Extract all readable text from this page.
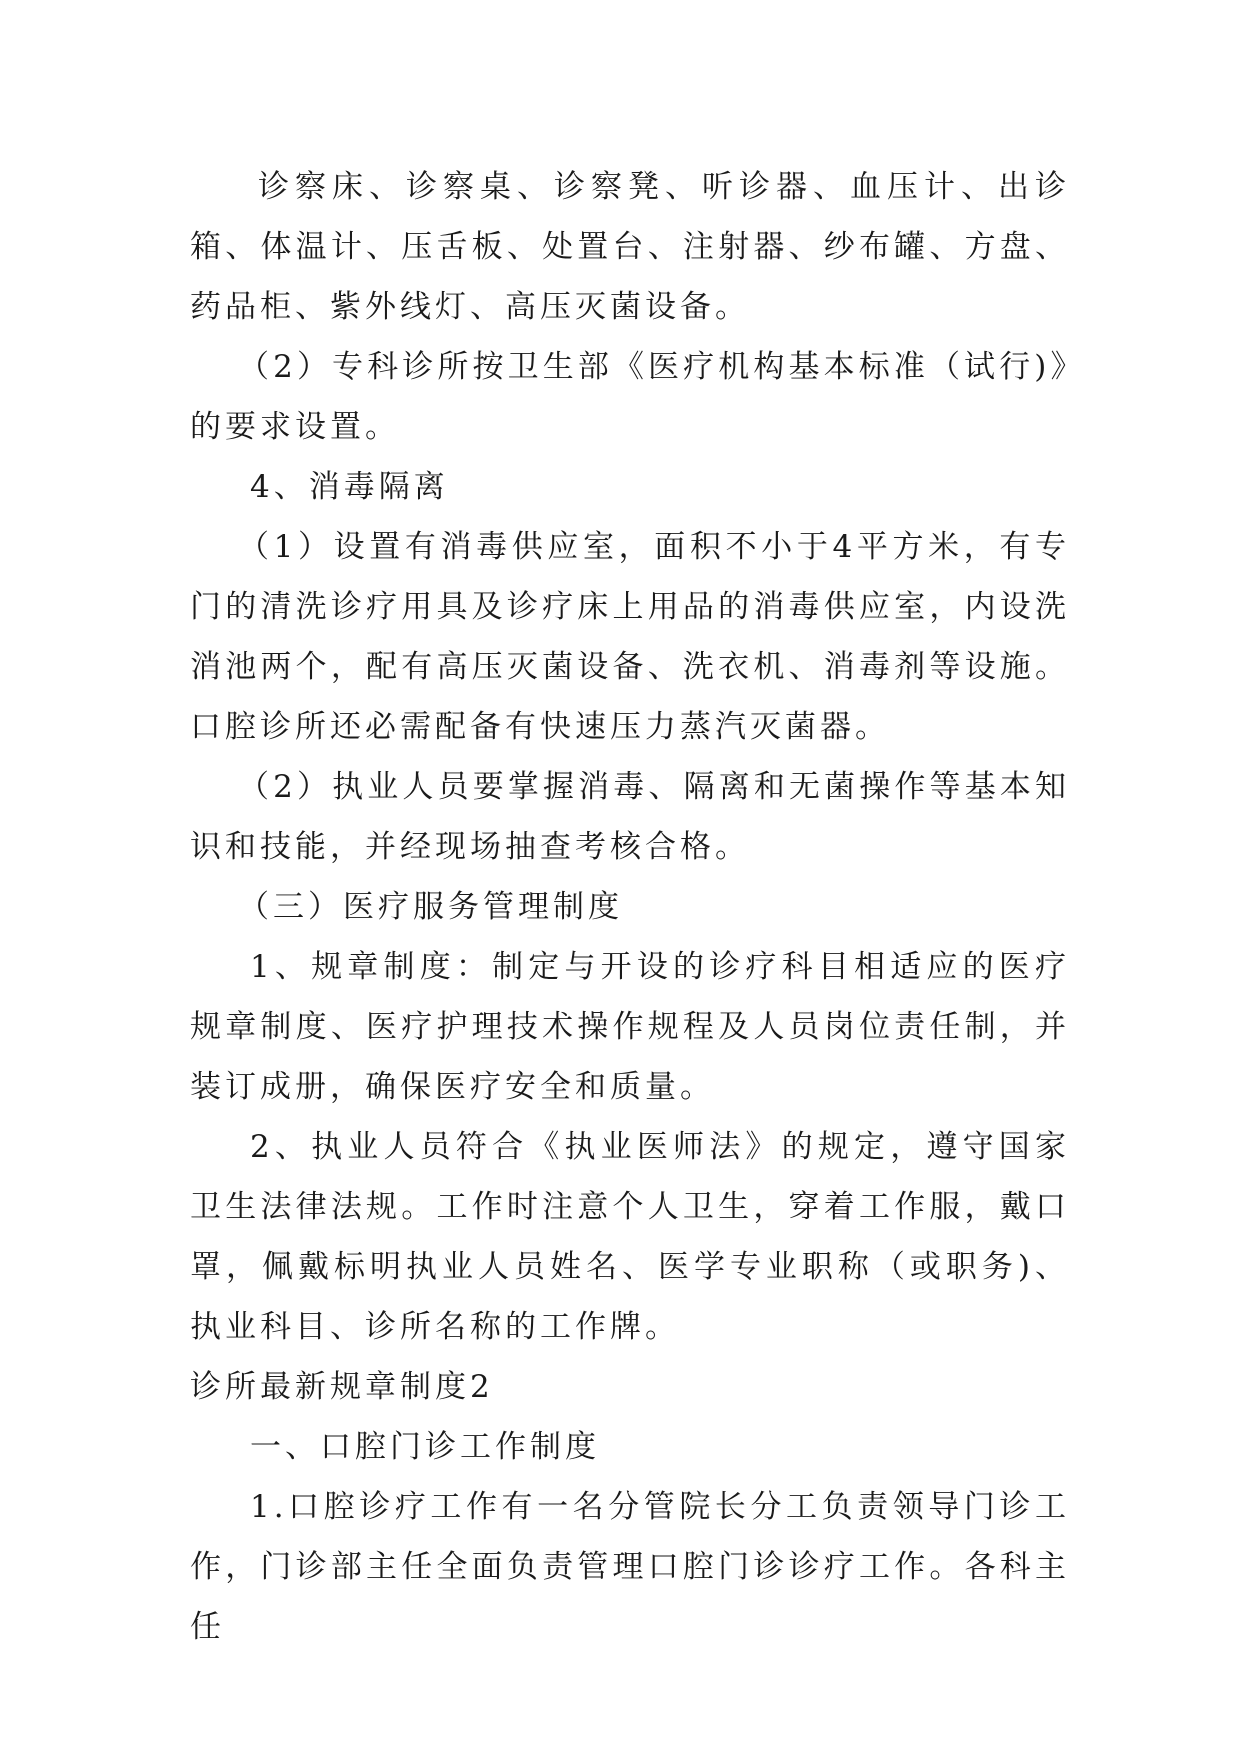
诊察床、诊察桌、诊察凳、听诊器、血压计、出诊箱、体温计、压舌板、处置台、注射器、纱布罐、方盘、药品柜、紫外线灯、高压灭菌设备。

（2）专科诊所按卫生部《医疗机构基本标准（试行)》的要求设置。

4、消毒隔离

（1）设置有消毒供应室，面积不小于4平方米，有专门的清洗诊疗用具及诊疗床上用品的消毒供应室，内设洗消池两个，配有高压灭菌设备、洗衣机、消毒剂等设施。口腔诊所还必需配备有快速压力蒸汽灭菌器。

（2）执业人员要掌握消毒、隔离和无菌操作等基本知识和技能，并经现场抽查考核合格。

（三）医疗服务管理制度

1、规章制度：制定与开设的诊疗科目相适应的医疗规章制度、医疗护理技术操作规程及人员岗位责任制，并装订成册，确保医疗安全和质量。

2、执业人员符合《执业医师法》的规定，遵守国家卫生法律法规。工作时注意个人卫生，穿着工作服，戴口罩，佩戴标明执业人员姓名、医学专业职称（或职务)、执业科目、诊所名称的工作牌。

诊所最新规章制度2

一、口腔门诊工作制度

1.口腔诊疗工作有一名分管院长分工负责领导门诊工作，门诊部主任全面负责管理口腔门诊诊疗工作。各科主任
